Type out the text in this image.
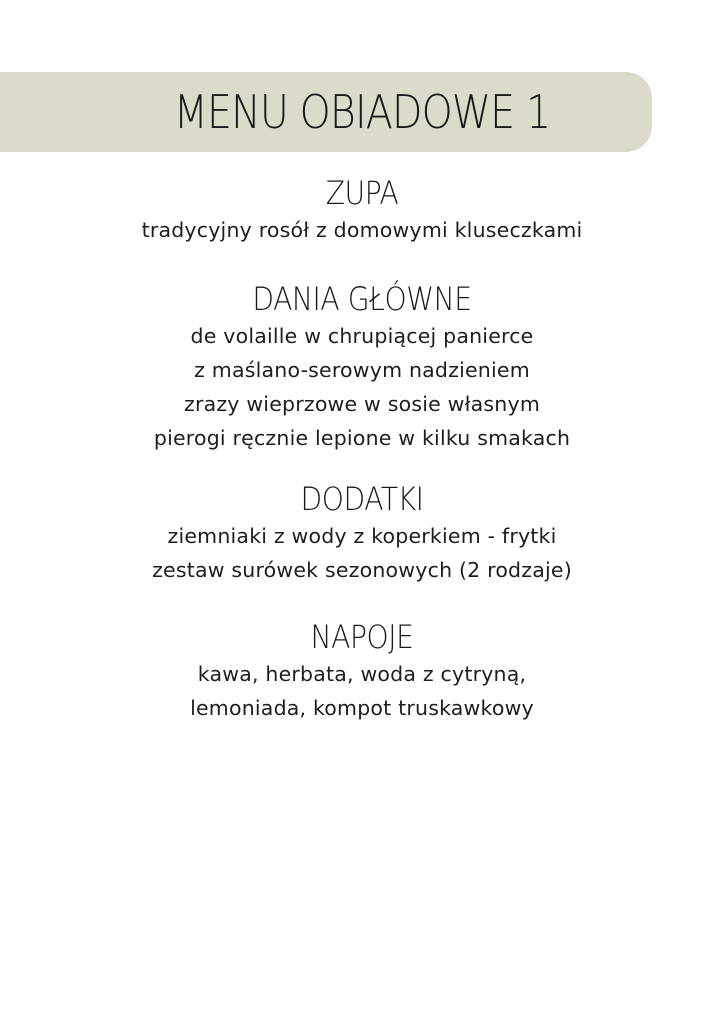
MENU OBIADOWE 1
ZUPA

tradycyjny rosół z domowymi kluseczkami

DANIA GŁÓWNE

de volaille w chrupiącej panierce

z maślano-serowym nadzieniem

zrazy wieprzowe w sosie własnym

pierogi ręcznie lepione w kilku smakach

DODATKI

ziemniaki z wody z koperkiem - frytki

zestaw surówek sezonowych (2 rodzaje)

NAPOJE

kawa, herbata, woda z cytryną,

lemoniada, kompot truskawkowy
